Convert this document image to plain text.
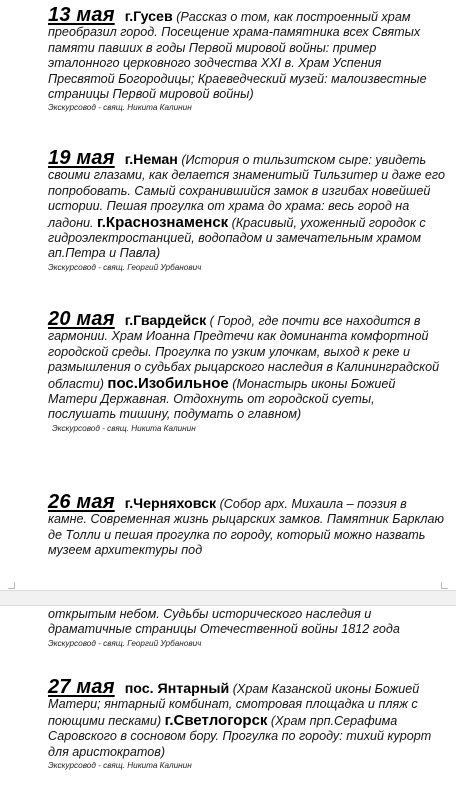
13 мая г.Гусев (Рассказ о том, как построенный храм преобразил город. Посещение храма-памятника всех Святых памяти павших в годы Первой мировой войны: пример эталонного церковного зодчества XXI в. Храм Успения Пресвятой Богородицы; Краеведческий музей: малоизвестные страницы Первой мировой войны)

Экскурсовод - свящ. Никита Калинин

19 мая г.Неман (История о тильзитском сыре: увидеть своими глазами, как делается знаменитый Тильзитер и даже его попробовать. Самый сохранившийся замок в изгибах новейшей истории. Пешая прогулка от храма до храма: весь город на ладони. г.Краснознаменск (Красивый, ухоженный городок с гидроэлектростанцией, водопадом и замечательным храмом ап.Петра и Павла)

Экскурсовод - свящ. Георгий Урбанович

20 мая г.Гвардейск ( Город, где почти все находится в гармонии. Храм Иоанна Предтечи как доминанта комфортной городской среды. Прогулка по узким улочкам, выход к реке и размышления о судьбах рыцарского наследия в Калининградской области) пос.Изобильное (Монастырь иконы Божией Матери Державная. Отдохнуть от городской суеты, послушать тишину, подумать о главном)

Экскурсовод - свящ. Никита Калинин

26 мая г.Черняховск (Собор арх. Михаила – поэзия в камне. Современная жизнь рыцарских замков. Памятник Барклаю де Толли и пешая прогулка по городу, который можно назвать музеем архитектуры под

открытым небом. Судьбы исторического наследия и драматичные страницы Отечественной войны 1812 года

Экскурсовод - свящ. Георгий Урбанович

27 мая пос. Янтарный (Храм Казанской иконы Божией Матери; янтарный комбинат, смотровая площадка и пляж с поющими песками) г.Светлогорск (Храм прп.Серафима Саровского в сосновом бору. Прогулка по городу: тихий курорт для аристократов)

Экскурсовод - свящ. Никита Калинин
